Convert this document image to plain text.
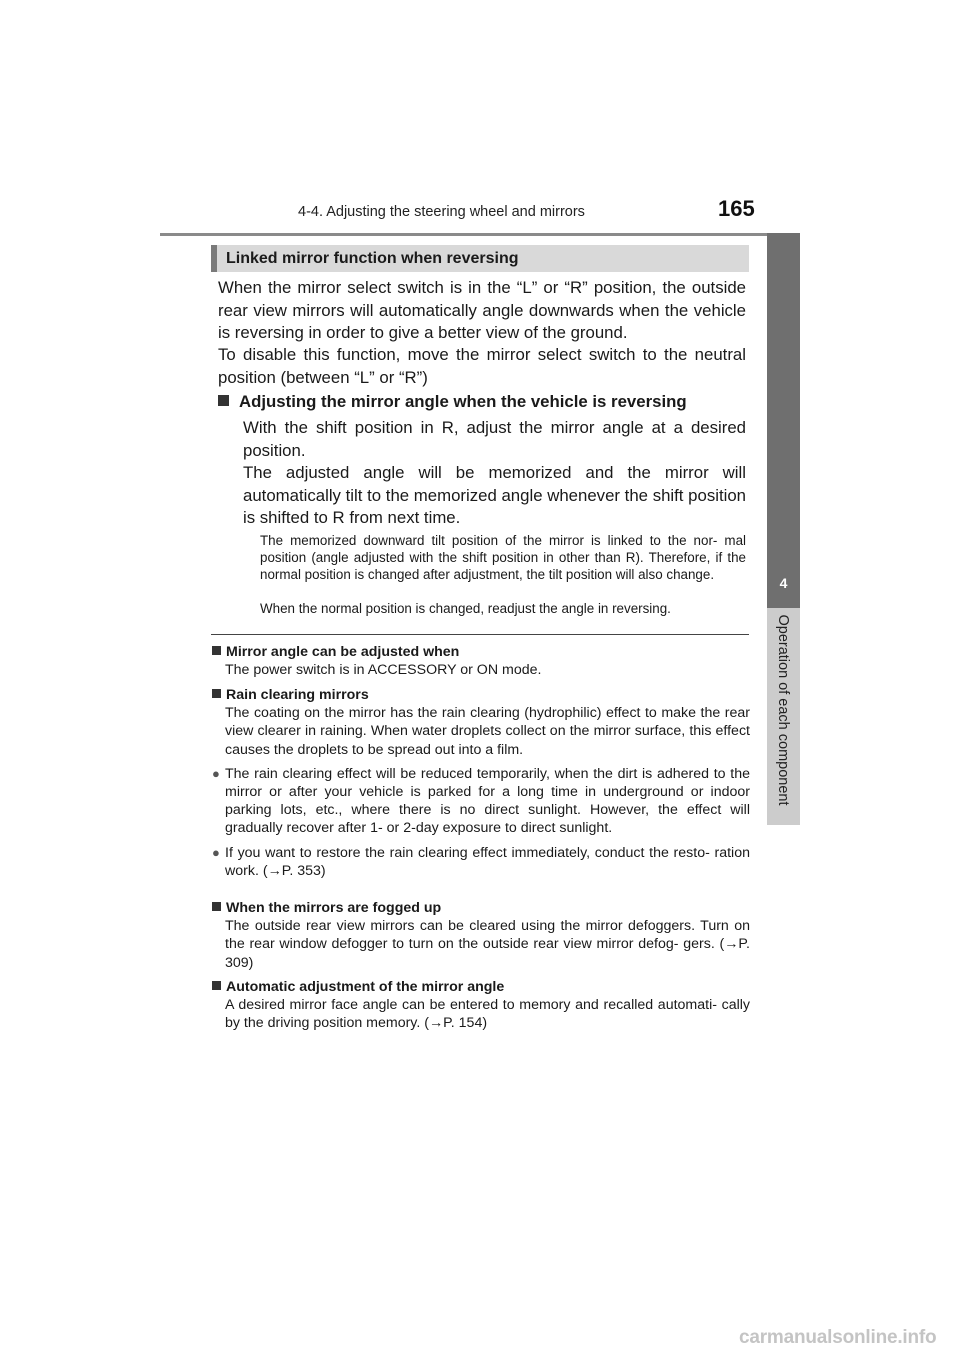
4-4. Adjusting the steering wheel and mirrors	165
4
Operation of each component
Linked mirror function when reversing

When the mirror select switch is in the “L” or “R” position, the outside rear view mirrors will automatically angle downwards when the vehicle is reversing in order to give a better view of the ground.

To disable this function, move the mirror select switch to the neutral position (between “L” or “R”)

Adjusting the mirror angle when the vehicle is reversing

With the shift position in R, adjust the mirror angle at a desired position.

The adjusted angle will be memorized and the mirror will automatically tilt to the memorized angle whenever the shift position is shifted to R from next time.

The memorized downward tilt position of the mirror is linked to the nor- mal position (angle adjusted with the shift position in other than R). Therefore, if the normal position is changed after adjustment, the tilt position will also change.

When the normal position is changed, readjust the angle in reversing.

Mirror angle can be adjusted when
The power switch is in ACCESSORY or ON mode.
Rain clearing mirrors
The coating on the mirror has the rain clearing (hydrophilic) effect to make the rear view clearer in raining. When water droplets collect on the mirror surface, this effect causes the droplets to be spread out into a film.
● The rain clearing effect will be reduced temporarily, when the dirt is adhered to the mirror or after your vehicle is parked for a long time in underground or indoor parking lots, etc., where there is no direct sunlight. However, the effect will gradually recover after 1- or 2-day exposure to direct sunlight.
● If you want to restore the rain clearing effect immediately, conduct the resto- ration work. (→P. 353)
When the mirrors are fogged up
The outside rear view mirrors can be cleared using the mirror defoggers. Turn on the rear window defogger to turn on the outside rear view mirror defog- gers. (→P. 309)
Automatic adjustment of the mirror angle
A desired mirror face angle can be entered to memory and recalled automati- cally by the driving position memory. (→P. 154)
carmanualsonline.info
